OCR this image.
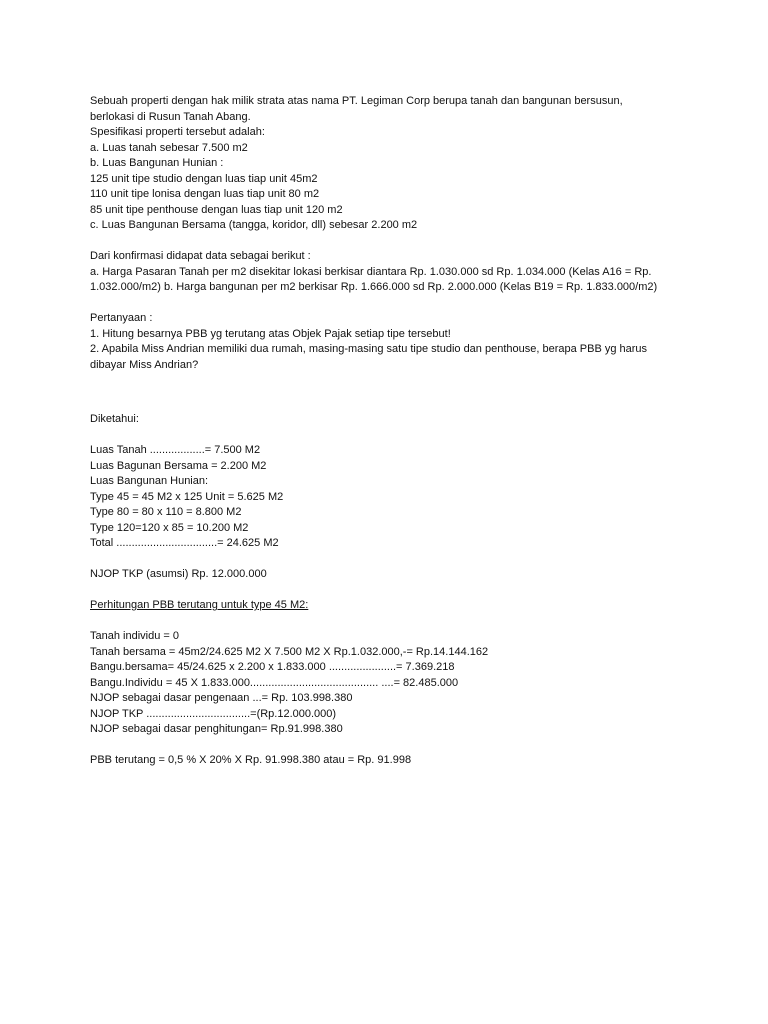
Sebuah properti dengan hak milik strata atas nama PT. Legiman Corp berupa tanah dan bangunan bersusun,
berlokasi di Rusun Tanah Abang.
Spesifikasi properti tersebut adalah:
a. Luas tanah sebesar 7.500 m2
b. Luas Bangunan Hunian :
125 unit tipe studio dengan luas tiap unit 45m2
110 unit tipe lonisa dengan luas tiap unit 80 m2
85 unit tipe penthouse dengan luas tiap unit 120 m2
c. Luas Bangunan Bersama (tangga, koridor, dll) sebesar 2.200 m2
Dari konfirmasi didapat data sebagai berikut :
a. Harga Pasaran Tanah per m2 disekitar lokasi berkisar diantara Rp. 1.030.000 sd Rp. 1.034.000 (Kelas A16 = Rp.
1.032.000/m2) b. Harga bangunan per m2 berkisar Rp. 1.666.000 sd Rp. 2.000.000 (Kelas B19 = Rp. 1.833.000/m2)
Pertanyaan :
1. Hitung besarnya PBB yg terutang atas Objek Pajak setiap tipe tersebut!
2. Apabila Miss Andrian memiliki dua rumah, masing-masing satu tipe studio dan penthouse, berapa PBB yg harus
dibayar Miss Andrian?
Diketahui:
Luas Tanah ..................= 7.500 M2
Luas Bagunan Bersama = 2.200 M2
Luas Bangunan Hunian:
Type 45 = 45 M2 x 125 Unit = 5.625 M2
Type 80 = 80 x 110 = 8.800 M2
Type 120=120 x 85 = 10.200 M2
Total .................................= 24.625 M2
NJOP TKP (asumsi) Rp. 12.000.000
Perhitungan PBB terutang untuk type 45 M2:
Tanah individu = 0
Tanah bersama = 45m2/24.625 M2 X 7.500 M2 X Rp.1.032.000,-= Rp.14.144.162
Bangu.bersama= 45/24.625 x 2.200 x 1.833.000 ......................= 7.369.218
Bangu.Individu = 45 X 1.833.000.......................................... ....= 82.485.000
NJOP sebagai dasar pengenaan ...= Rp. 103.998.380
NJOP TKP ..................................=(Rp.12.000.000)
NJOP sebagai dasar penghitungan= Rp.91.998.380
PBB terutang = 0,5 % X 20% X Rp. 91.998.380 atau = Rp. 91.998
